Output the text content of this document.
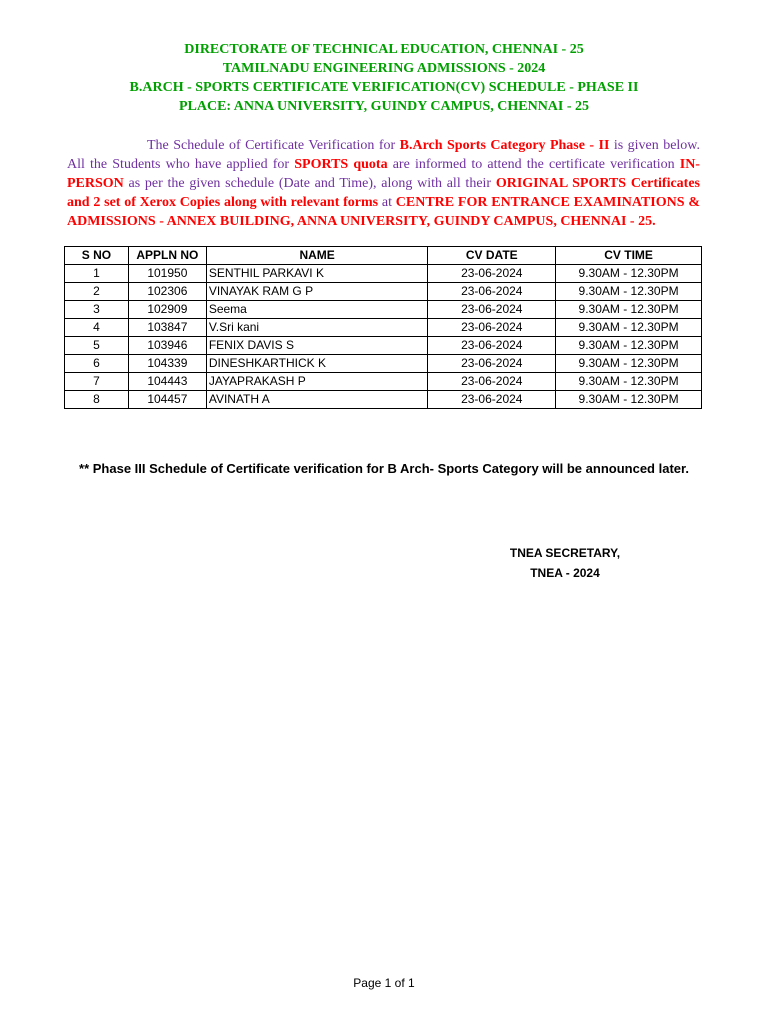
DIRECTORATE OF TECHNICAL EDUCATION, CHENNAI - 25
TAMILNADU ENGINEERING ADMISSIONS - 2024
B.ARCH - SPORTS CERTIFICATE VERIFICATION(CV) SCHEDULE - PHASE II
PLACE: ANNA UNIVERSITY, GUINDY CAMPUS, CHENNAI - 25
The Schedule of Certificate Verification for B.Arch Sports Category Phase - II is given below. All the Students who have applied for SPORTS quota are informed to attend the certificate verification IN-PERSON as per the given schedule (Date and Time), along with all their ORIGINAL SPORTS Certificates and 2 set of Xerox Copies along with relevant forms at CENTRE FOR ENTRANCE EXAMINATIONS & ADMISSIONS - ANNEX BUILDING, ANNA UNIVERSITY, GUINDY CAMPUS, CHENNAI - 25.
S NO	APPLN NO	NAME	CV DATE	CV TIME
1	101950	SENTHIL PARKAVI K	23-06-2024	9.30AM - 12.30PM
2	102306	VINAYAK RAM G P	23-06-2024	9.30AM - 12.30PM
3	102909	Seema	23-06-2024	9.30AM - 12.30PM
4	103847	V.Sri kani	23-06-2024	9.30AM - 12.30PM
5	103946	FENIX DAVIS S	23-06-2024	9.30AM - 12.30PM
6	104339	DINESHKARTHICK K	23-06-2024	9.30AM - 12.30PM
7	104443	JAYAPRAKASH P	23-06-2024	9.30AM - 12.30PM
8	104457	AVINATH A	23-06-2024	9.30AM - 12.30PM
** Phase III Schedule of Certificate verification for B Arch- Sports Category will be announced later.
TNEA SECRETARY,
TNEA - 2024
Page 1 of 1
